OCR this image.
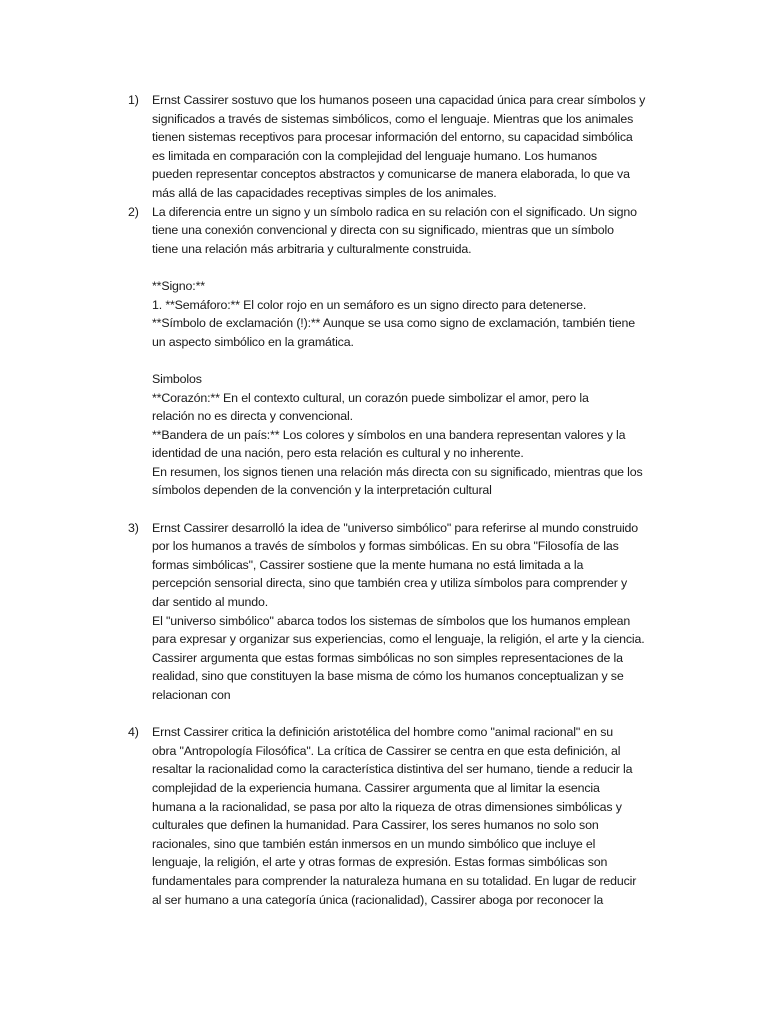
1) Ernst Cassirer sostuvo que los humanos poseen una capacidad única para crear símbolos y
significados a través de sistemas simbólicos, como el lenguaje. Mientras que los animales
tienen sistemas receptivos para procesar información del entorno, su capacidad simbólica
es limitada en comparación con la complejidad del lenguaje humano. Los humanos
pueden representar conceptos abstractos y comunicarse de manera elaborada, lo que va
más allá de las capacidades receptivas simples de los animales.
2) La diferencia entre un signo y un símbolo radica en su relación con el significado. Un signo
tiene una conexión convencional y directa con su significado, mientras que un símbolo
tiene una relación más arbitraria y culturalmente construida.
**Signo:**
1. **Semáforo:** El color rojo en un semáforo es un signo directo para detenerse.
**Símbolo de exclamación (!):** Aunque se usa como signo de exclamación, también tiene
un aspecto simbólico en la gramática.
Simbolos
**Corazón:** En el contexto cultural, un corazón puede simbolizar el amor, pero la
relación no es directa y convencional.
**Bandera de un país:** Los colores y símbolos en una bandera representan valores y la
identidad de una nación, pero esta relación es cultural y no inherente.
En resumen, los signos tienen una relación más directa con su significado, mientras que los
símbolos dependen de la convención y la interpretación cultural
3) Ernst Cassirer desarrolló la idea de "universo simbólico" para referirse al mundo construido
por los humanos a través de símbolos y formas simbólicas. En su obra "Filosofía de las
formas simbólicas", Cassirer sostiene que la mente humana no está limitada a la
percepción sensorial directa, sino que también crea y utiliza símbolos para comprender y
dar sentido al mundo.
El "universo simbólico" abarca todos los sistemas de símbolos que los humanos emplean
para expresar y organizar sus experiencias, como el lenguaje, la religión, el arte y la ciencia.
Cassirer argumenta que estas formas simbólicas no son simples representaciones de la
realidad, sino que constituyen la base misma de cómo los humanos conceptualizan y se
relacionan con
4) Ernst Cassirer critica la definición aristotélica del hombre como "animal racional" en su
obra "Antropología Filosófica". La crítica de Cassirer se centra en que esta definición, al
resaltar la racionalidad como la característica distintiva del ser humano, tiende a reducir la
complejidad de la experiencia humana. Cassirer argumenta que al limitar la esencia
humana a la racionalidad, se pasa por alto la riqueza de otras dimensiones simbólicas y
culturales que definen la humanidad. Para Cassirer, los seres humanos no solo son
racionales, sino que también están inmersos en un mundo simbólico que incluye el
lenguaje, la religión, el arte y otras formas de expresión. Estas formas simbólicas son
fundamentales para comprender la naturaleza humana en su totalidad. En lugar de reducir
al ser humano a una categoría única (racionalidad), Cassirer aboga por reconocer la
